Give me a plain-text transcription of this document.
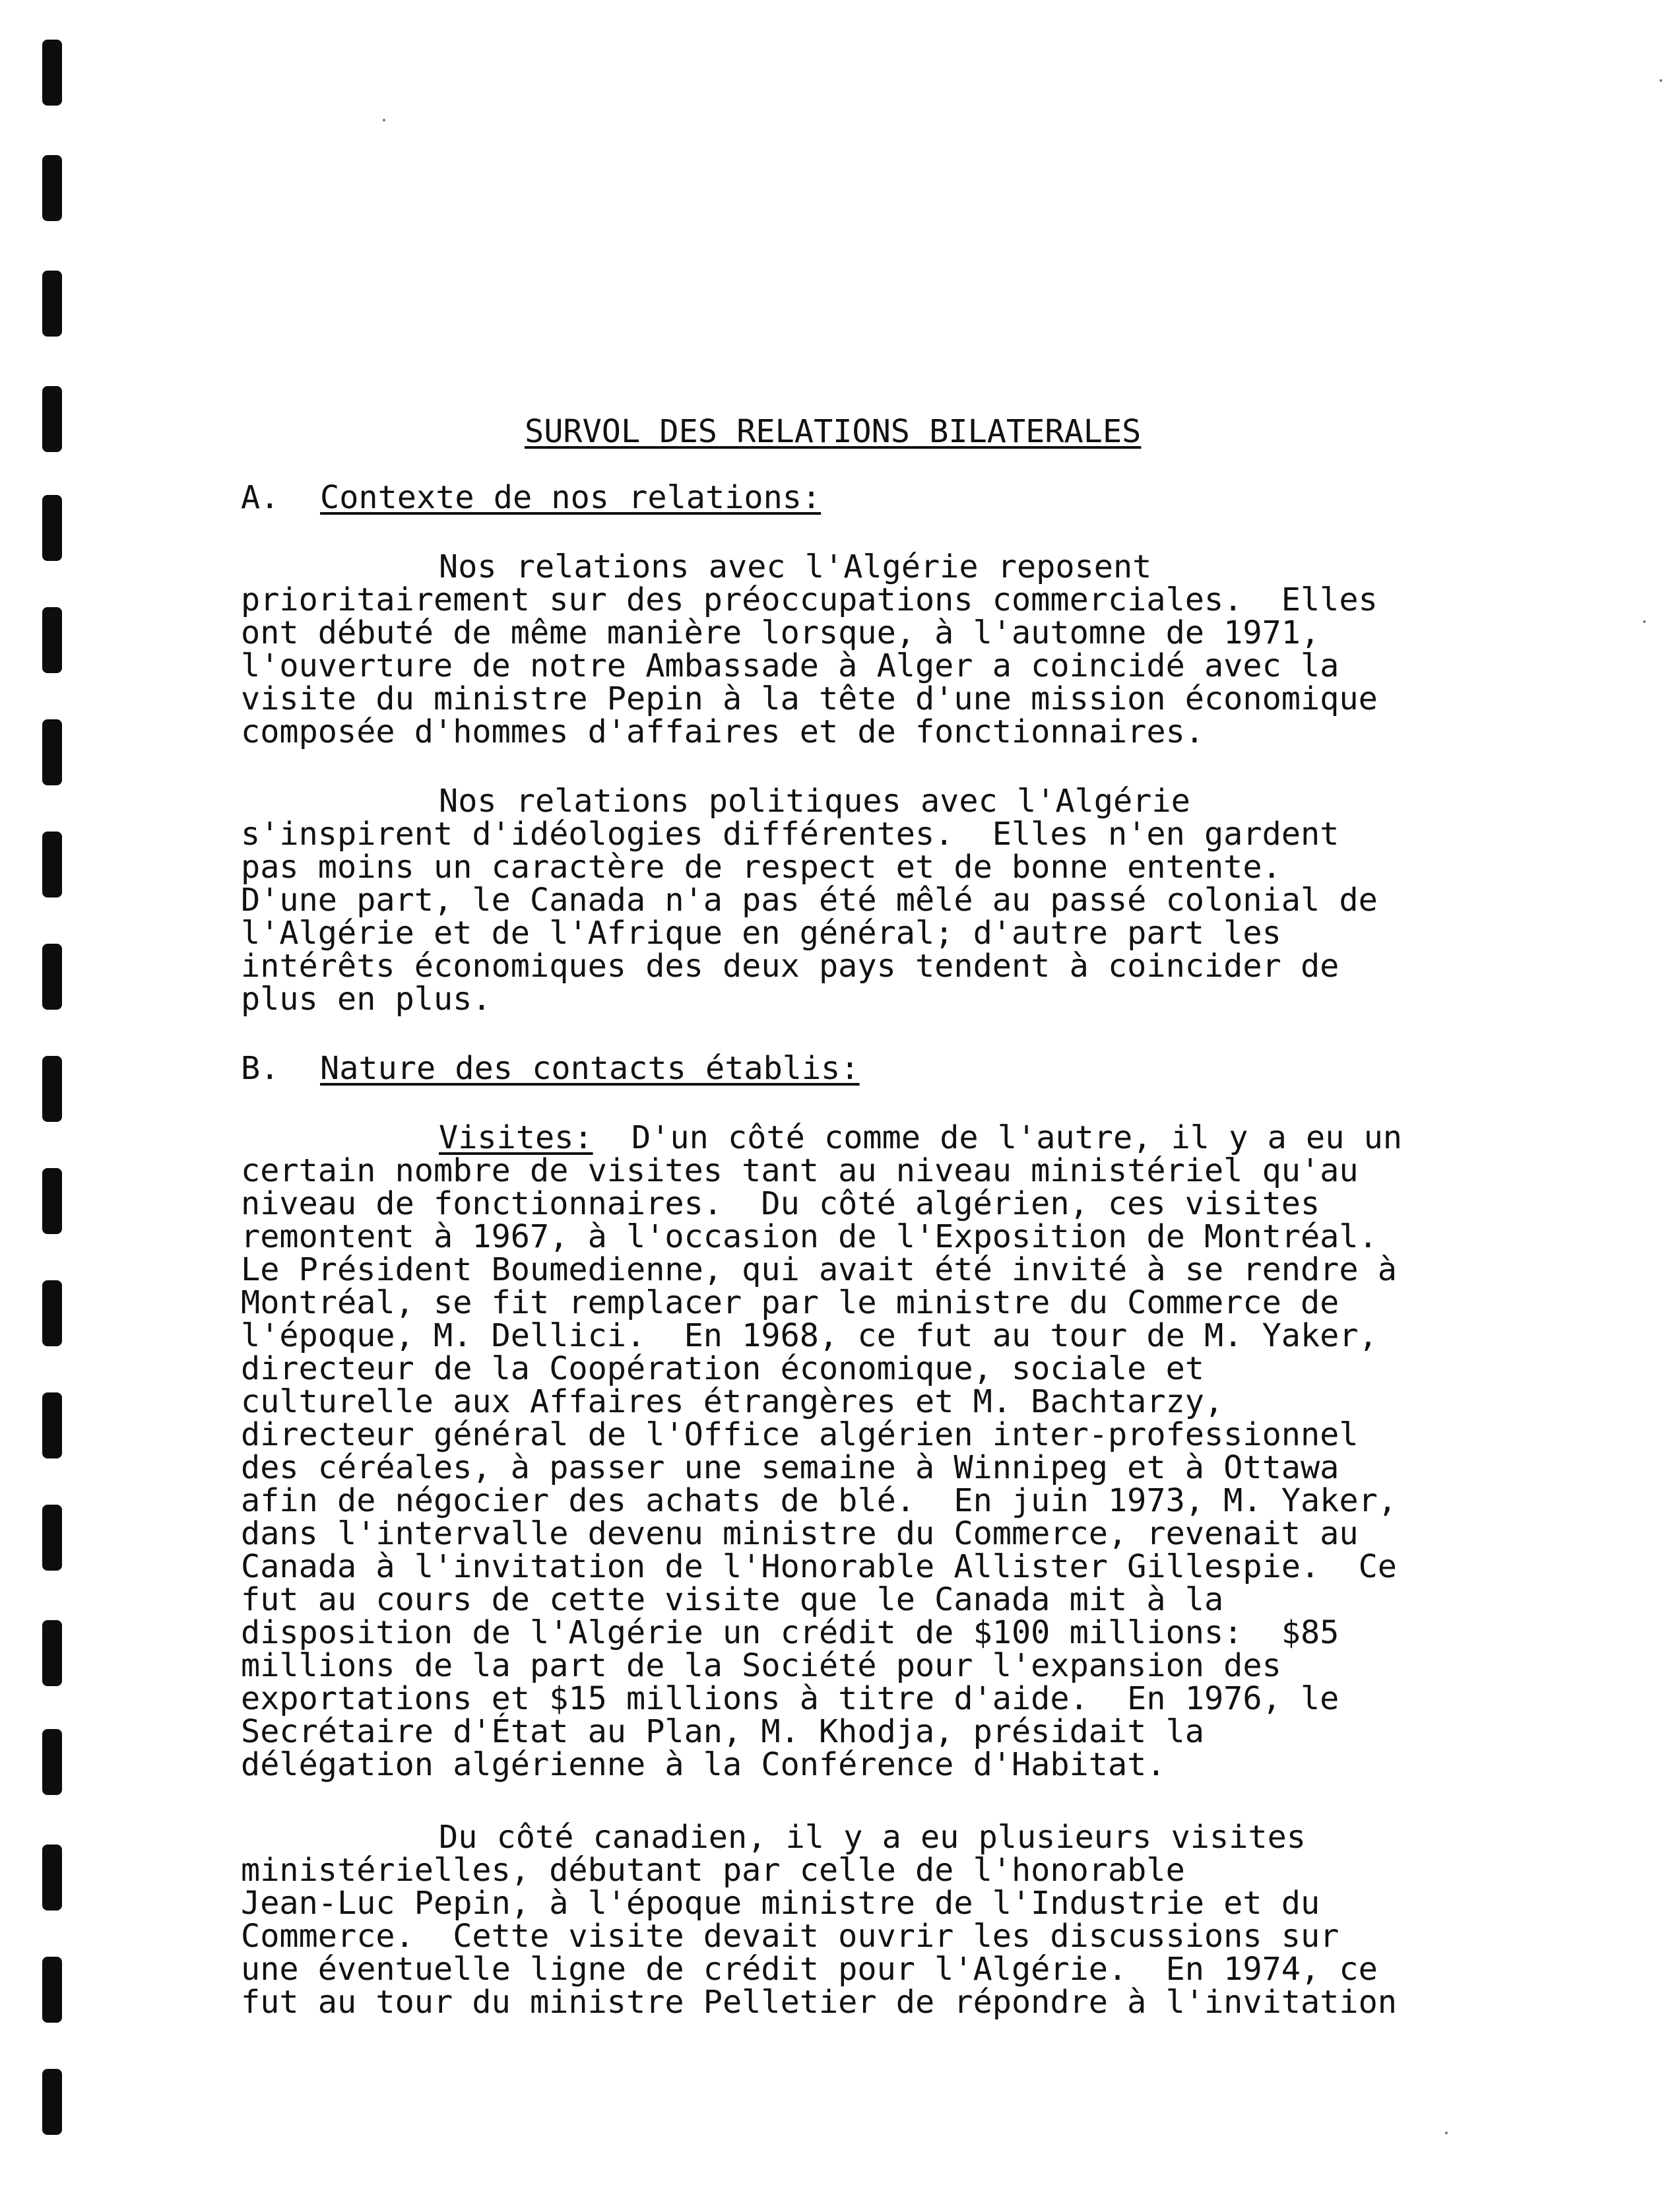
SURVOL DES RELATIONS BILATERALES
A. Contexte de nos relations:
Nos relations avec l'Algérie reposent
prioritairement sur des préoccupations commerciales.  Elles
ont débuté de même manière lorsque, à l'automne de 1971,
l'ouverture de notre Ambassade à Alger a coincidé avec la
visite du ministre Pepin à la tête d'une mission économique
composée d'hommes d'affaires et de fonctionnaires.
Nos relations politiques avec l'Algérie
s'inspirent d'idéologies différentes.  Elles n'en gardent
pas moins un caractère de respect et de bonne entente.
D'une part, le Canada n'a pas été mêlé au passé colonial de
l'Algérie et de l'Afrique en général; d'autre part les
intérêts économiques des deux pays tendent à coincider de
plus en plus.
B. Nature des contacts établis:
Visites:  D'un côté comme de l'autre, il y a eu un
certain nombre de visites tant au niveau ministériel qu'au
niveau de fonctionnaires.  Du côté algérien, ces visites
remontent à 1967, à l'occasion de l'Exposition de Montréal.
Le Président Boumedienne, qui avait été invité à se rendre à
Montréal, se fit remplacer par le ministre du Commerce de
l'époque, M. Dellici.  En 1968, ce fut au tour de M. Yaker,
directeur de la Coopération économique, sociale et
culturelle aux Affaires étrangères et M. Bachtarzy,
directeur général de l'Office algérien inter-professionnel
des céréales, à passer une semaine à Winnipeg et à Ottawa
afin de négocier des achats de blé.  En juin 1973, M. Yaker,
dans l'intervalle devenu ministre du Commerce, revenait au
Canada à l'invitation de l'Honorable Allister Gillespie.  Ce
fut au cours de cette visite que le Canada mit à la
disposition de l'Algérie un crédit de $100 millions:  $85
millions de la part de la Société pour l'expansion des
exportations et $15 millions à titre d'aide.  En 1976, le
Secrétaire d'État au Plan, M. Khodja, présidait la
délégation algérienne à la Conférence d'Habitat.
Du côté canadien, il y a eu plusieurs visites
ministérielles, débutant par celle de l'honorable
Jean-Luc Pepin, à l'époque ministre de l'Industrie et du
Commerce.  Cette visite devait ouvrir les discussions sur
une éventuelle ligne de crédit pour l'Algérie.  En 1974, ce
fut au tour du ministre Pelletier de répondre à l'invitation
